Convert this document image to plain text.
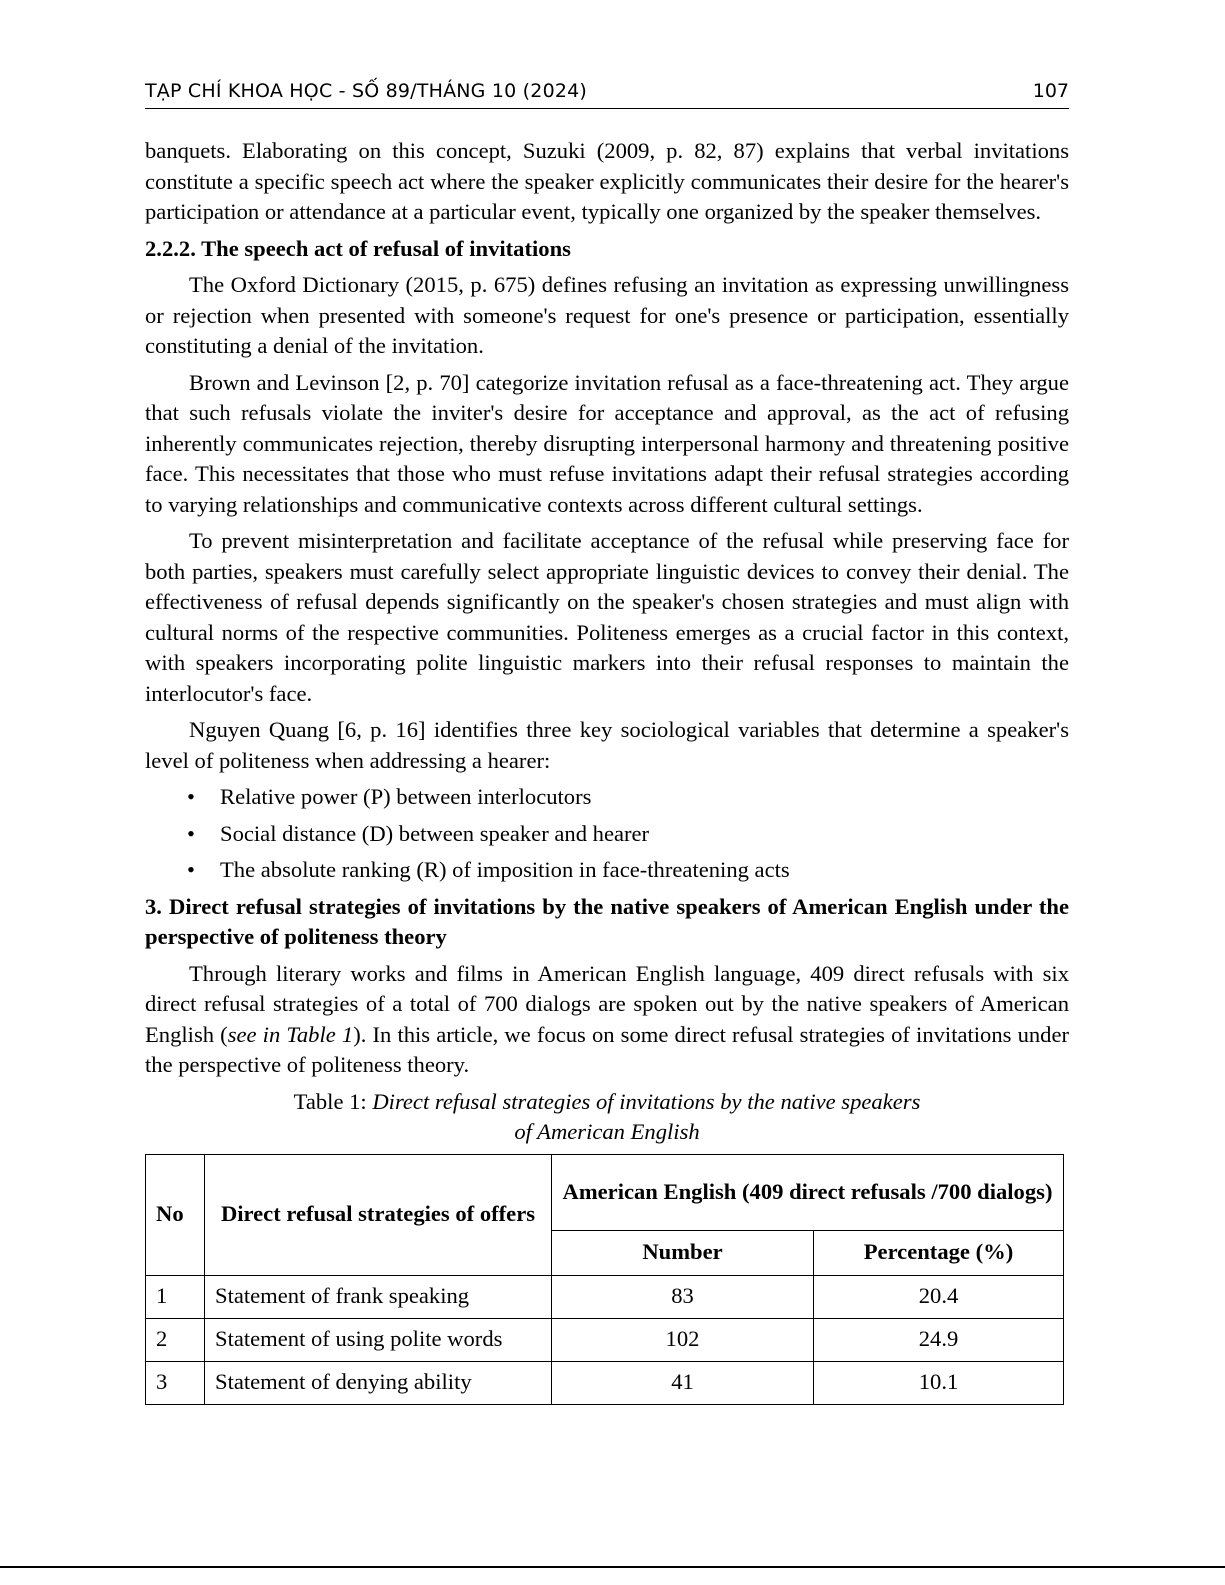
TẠP CHÍ KHOA HỌC - SỐ 89/THÁNG 10 (2024)	107

banquets. Elaborating on this concept, Suzuki (2009, p. 82, 87) explains that verbal invitations constitute a specific speech act where the speaker explicitly communicates their desire for the hearer's participation or attendance at a particular event, typically one organized by the speaker themselves.

2.2.2. The speech act of refusal of invitations

The Oxford Dictionary (2015, p. 675) defines refusing an invitation as expressing unwillingness or rejection when presented with someone's request for one's presence or participation, essentially constituting a denial of the invitation.

Brown and Levinson [2, p. 70] categorize invitation refusal as a face-threatening act. They argue that such refusals violate the inviter's desire for acceptance and approval, as the act of refusing inherently communicates rejection, thereby disrupting interpersonal harmony and threatening positive face. This necessitates that those who must refuse invitations adapt their refusal strategies according to varying relationships and communicative contexts across different cultural settings.

To prevent misinterpretation and facilitate acceptance of the refusal while preserving face for both parties, speakers must carefully select appropriate linguistic devices to convey their denial. The effectiveness of refusal depends significantly on the speaker's chosen strategies and must align with cultural norms of the respective communities. Politeness emerges as a crucial factor in this context, with speakers incorporating polite linguistic markers into their refusal responses to maintain the interlocutor's face.

Nguyen Quang [6, p. 16] identifies three key sociological variables that determine a speaker's level of politeness when addressing a hearer:

• Relative power (P) between interlocutors
• Social distance (D) between speaker and hearer
• The absolute ranking (R) of imposition in face-threatening acts
3. Direct refusal strategies of invitations by the native speakers of American English under the perspective of politeness theory

Through literary works and films in American English language, 409 direct refusals with six direct refusal strategies of a total of 700 dialogs are spoken out by the native speakers of American English (see in Table 1). In this article, we focus on some direct refusal strategies of invitations under the perspective of politeness theory.

Table 1: Direct refusal strategies of invitations by the native speakers
of American English
No	Direct refusal strategies of offers	American English (409 direct refusals /700 dialogs)	
		Number	Percentage (%)
1	Statement of frank speaking	83	20.4
2	Statement of using polite words	102	24.9
3	Statement of denying ability	41	10.1
